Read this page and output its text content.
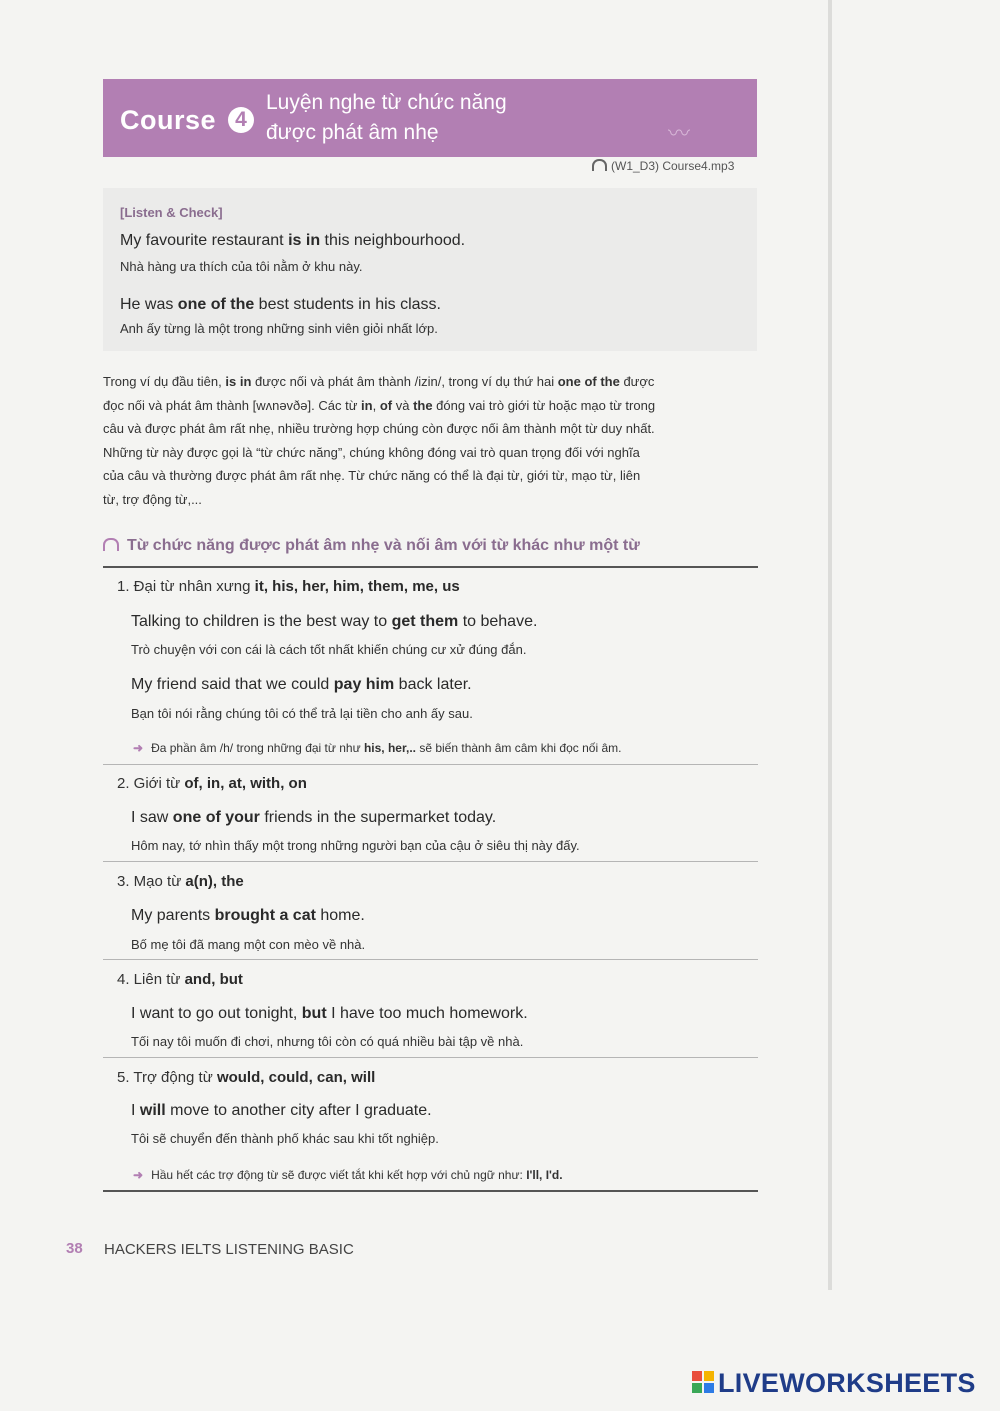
Course 4
Luyện nghe từ chức năng
được phát âm nhẹ	〰
(W1_D3) Course4.mp3
[Listen & Check]
My favourite restaurant is in this neighbourhood.
Nhà hàng ưa thích của tôi nằm ở khu này.
He was one of the best students in his class.
Anh ấy từng là một trong những sinh viên giỏi nhất lớp.
Trong ví dụ đầu tiên, is in được nối và phát âm thành /izin/, trong ví dụ thứ hai one of the được
đọc nối và phát âm thành [wʌnəvðə]. Các từ in, of và the đóng vai trò giới từ hoặc mạo từ trong
câu và được phát âm rất nhẹ, nhiều trường hợp chúng còn được nối âm thành một từ duy nhất.
Những từ này được gọi là “từ chức năng”, chúng không đóng vai trò quan trọng đối với nghĩa
của câu và thường được phát âm rất nhẹ. Từ chức năng có thể là đại từ, giới từ, mạo từ, liên
từ, trợ động từ,...
Từ chức năng được phát âm nhẹ và nối âm với từ khác như một từ
1. Đại từ nhân xưng it, his, her, him, them, me, us
Talking to children is the best way to get them to behave.
Trò chuyện với con cái là cách tốt nhất khiến chúng cư xử đúng đắn.
My friend said that we could pay him back later.
Bạn tôi nói rằng chúng tôi có thể trả lại tiền cho anh ấy sau.
➜ Đa phần âm /h/ trong những đại từ như his, her,.. sẽ biến thành âm câm khi đọc nối âm.
2. Giới từ of, in, at, with, on
I saw one of your friends in the supermarket today.
Hôm nay, tớ nhìn thấy một trong những người bạn của cậu ở siêu thị này đấy.
3. Mạo từ a(n), the
My parents brought a cat home.
Bố mẹ tôi đã mang một con mèo về nhà.
4. Liên từ and, but
I want to go out tonight, but I have too much homework.
Tối nay tôi muốn đi chơi, nhưng tôi còn có quá nhiều bài tập về nhà.
5. Trợ động từ would, could, can, will
I will move to another city after I graduate.
Tôi sẽ chuyển đến thành phố khác sau khi tốt nghiệp.
➜ Hầu hết các trợ động từ sẽ được viết tắt khi kết hợp với chủ ngữ như: I'll, I'd.
38 HACKERS IELTS LISTENING BASIC
LIVEWORKSHEETS
